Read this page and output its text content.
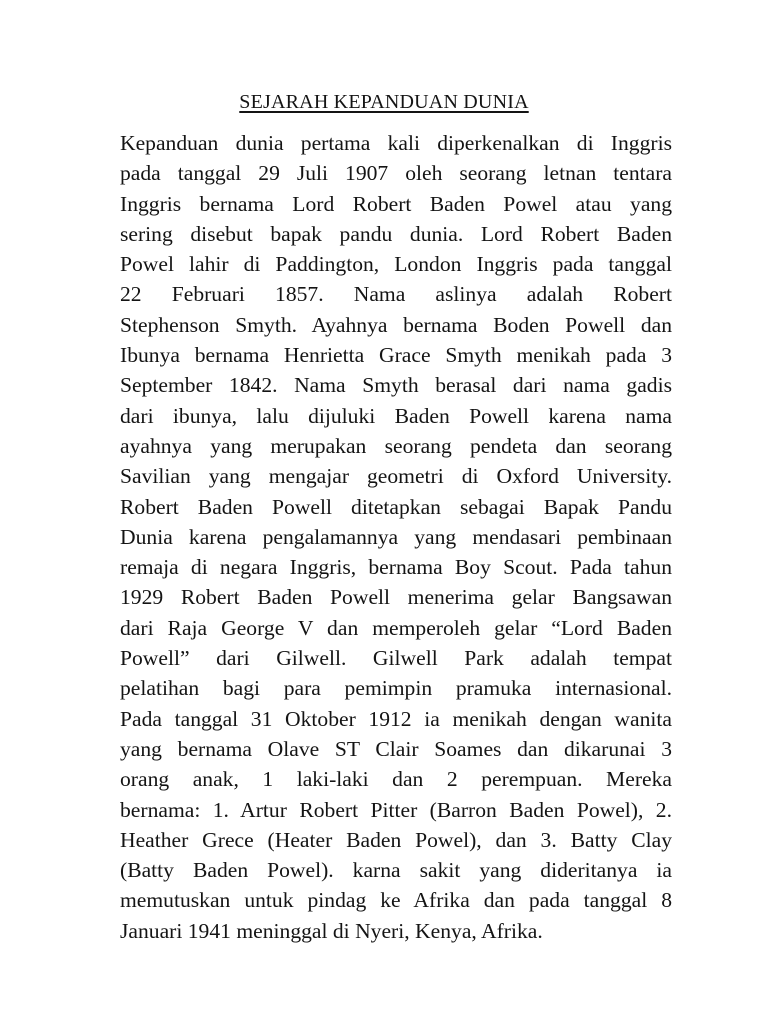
SEJARAH KEPANDUAN DUNIA
Kepanduan dunia pertama kali diperkenalkan di Inggris
pada tanggal 29 Juli 1907 oleh seorang letnan tentara
Inggris bernama Lord Robert Baden Powel atau yang
sering disebut bapak pandu dunia. Lord Robert Baden
Powel lahir di Paddington, London Inggris pada tanggal
22 Februari 1857. Nama aslinya adalah Robert
Stephenson Smyth. Ayahnya bernama Boden Powell dan
Ibunya bernama Henrietta Grace Smyth menikah pada 3
September 1842. Nama Smyth berasal dari nama gadis
dari ibunya, lalu dijuluki Baden Powell karena nama
ayahnya yang merupakan seorang pendeta dan seorang
Savilian yang mengajar geometri di Oxford University.
Robert Baden Powell ditetapkan sebagai Bapak Pandu
Dunia karena pengalamannya yang mendasari pembinaan
remaja di negara Inggris, bernama Boy Scout. Pada tahun
1929 Robert Baden Powell menerima gelar Bangsawan
dari Raja George V dan memperoleh gelar “Lord Baden
Powell” dari Gilwell. Gilwell Park adalah tempat
pelatihan bagi para pemimpin pramuka internasional.
Pada tanggal 31 Oktober 1912 ia menikah dengan wanita
yang bernama Olave ST Clair Soames dan dikarunai 3
orang anak, 1 laki-laki dan 2 perempuan. Mereka
bernama: 1. Artur Robert Pitter (Barron Baden Powel), 2.
Heather Grece (Heater Baden Powel), dan 3. Batty Clay
(Batty Baden Powel). karna sakit yang dideritanya ia
memutuskan untuk pindag ke Afrika dan pada tanggal 8
Januari 1941 meninggal di Nyeri, Kenya, Afrika.
